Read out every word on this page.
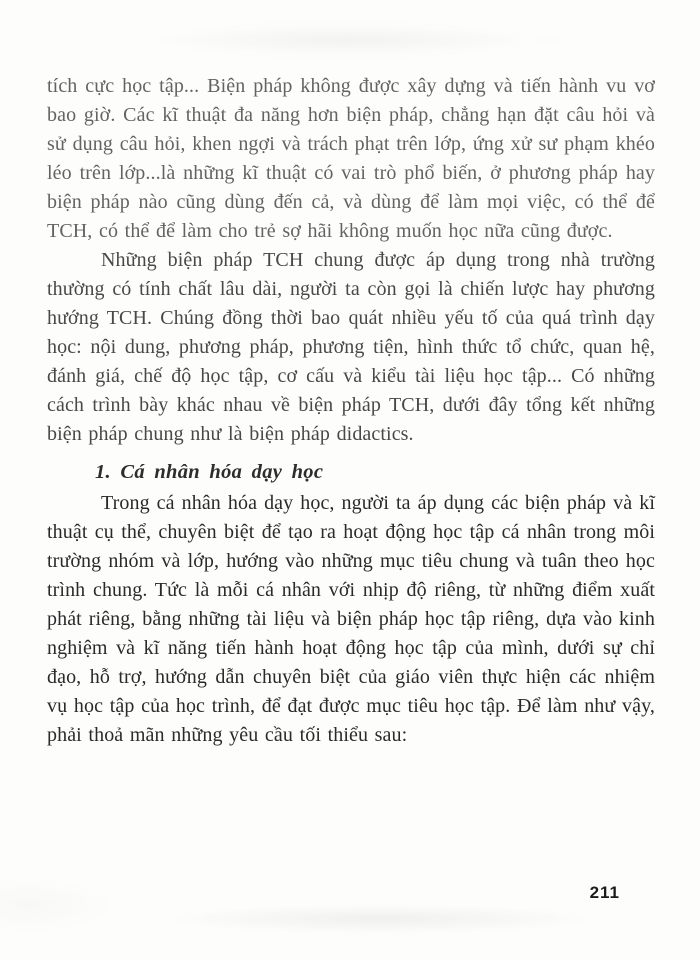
tích cực học tập... Biện pháp không được xây dựng và tiến hành vu vơ bao giờ. Các kĩ thuật đa năng hơn biện pháp, chẳng hạn đặt câu hỏi và sử dụng câu hỏi, khen ngợi và trách phạt trên lớp, ứng xử sư phạm khéo léo trên lớp...là những kĩ thuật có vai trò phổ biến, ở phương pháp hay biện pháp nào cũng dùng đến cả, và dùng để làm mọi việc, có thể để TCH, có thể để làm cho trẻ sợ hãi không muốn học nữa cũng được.

Những biện pháp TCH chung được áp dụng trong nhà trường thường có tính chất lâu dài, người ta còn gọi là chiến lược hay phương hướng TCH. Chúng đồng thời bao quát nhiều yếu tố của quá trình dạy học: nội dung, phương pháp, phương tiện, hình thức tổ chức, quan hệ, đánh giá, chế độ học tập, cơ cấu và kiểu tài liệu học tập... Có những cách trình bày khác nhau về biện pháp TCH, dưới đây tổng kết những biện pháp chung như là biện pháp didactics.

1. Cá nhân hóa dạy học

Trong cá nhân hóa dạy học, người ta áp dụng các biện pháp và kĩ thuật cụ thể, chuyên biệt để tạo ra hoạt động học tập cá nhân trong môi trường nhóm và lớp, hướng vào những mục tiêu chung và tuân theo học trình chung. Tức là mỗi cá nhân với nhịp độ riêng, từ những điểm xuất phát riêng, bằng những tài liệu và biện pháp học tập riêng, dựa vào kinh nghiệm và kĩ năng tiến hành hoạt động học tập của mình, dưới sự chỉ đạo, hỗ trợ, hướng dẫn chuyên biệt của giáo viên thực hiện các nhiệm vụ học tập của học trình, để đạt được mục tiêu học tập. Để làm như vậy, phải thoả mãn những yêu cầu tối thiểu sau:

211
